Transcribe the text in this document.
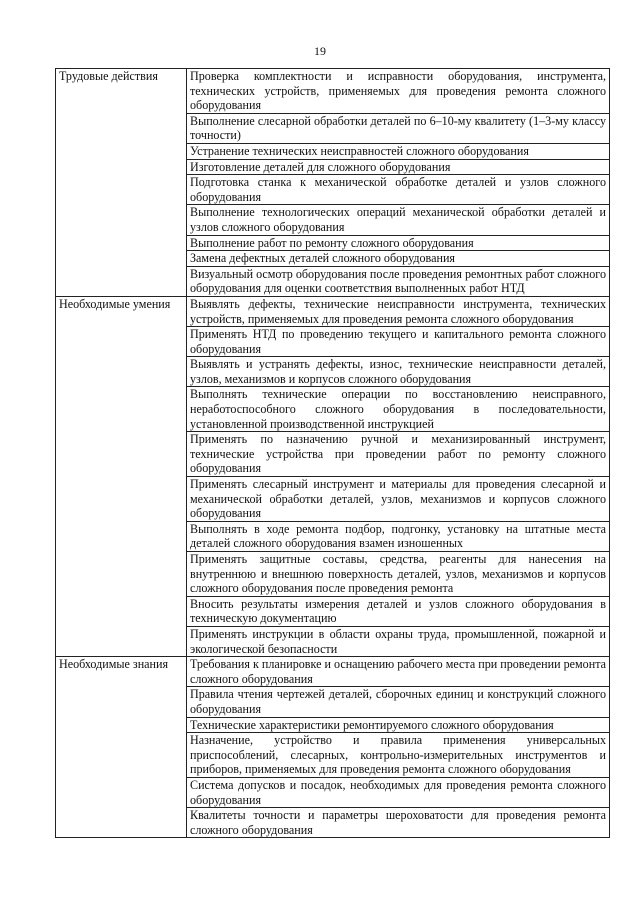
19
Трудовые действия	Проверка комплектности и исправности оборудования, инструмента, технических устройств, применяемых для проведения ремонта сложного оборудования
	Выполнение слесарной обработки деталей по 6–10-му квалитету (1–3-му классу точности)
	Устранение технических неисправностей сложного оборудования
	Изготовление деталей для сложного оборудования
	Подготовка станка к механической обработке деталей и узлов сложного оборудования
	Выполнение технологических операций механической обработки деталей и узлов сложного оборудования
	Выполнение работ по ремонту сложного оборудования
	Замена дефектных деталей сложного оборудования
	Визуальный осмотр оборудования после проведения ремонтных работ сложного оборудования для оценки соответствия выполненных работ НТД
Необходимые умения	Выявлять дефекты, технические неисправности инструмента, технических устройств, применяемых для проведения ремонта сложного оборудования
	Применять НТД по проведению текущего и капитального ремонта сложного оборудования
	Выявлять и устранять дефекты, износ, технические неисправности деталей, узлов, механизмов и корпусов сложного оборудования
	Выполнять технические операции по восстановлению неисправного, неработоспособного сложного оборудования в последовательности, установленной производственной инструкцией
	Применять по назначению ручной и механизированный инструмент, технические устройства при проведении работ по ремонту сложного оборудования
	Применять слесарный инструмент и материалы для проведения слесарной и механической обработки деталей, узлов, механизмов и корпусов сложного оборудования
	Выполнять в ходе ремонта подбор, подгонку, установку на штатные места деталей сложного оборудования взамен изношенных
	Применять защитные составы, средства, реагенты для нанесения на внутреннюю и внешнюю поверхность деталей, узлов, механизмов и корпусов сложного оборудования после проведения ремонта
	Вносить результаты измерения деталей и узлов сложного оборудования в техническую документацию
	Применять инструкции в области охраны труда, промышленной, пожарной и экологической безопасности
Необходимые знания	Требования к планировке и оснащению рабочего места при проведении ремонта сложного оборудования
	Правила чтения чертежей деталей, сборочных единиц и конструкций сложного оборудования
	Технические характеристики ремонтируемого сложного оборудования
	Назначение, устройство и правила применения универсальных приспособлений, слесарных, контрольно-измерительных инструментов и приборов, применяемых для проведения ремонта сложного оборудования
	Система допусков и посадок, необходимых для проведения ремонта сложного оборудования
	Квалитеты точности и параметры шероховатости для проведения ремонта сложного оборудования
